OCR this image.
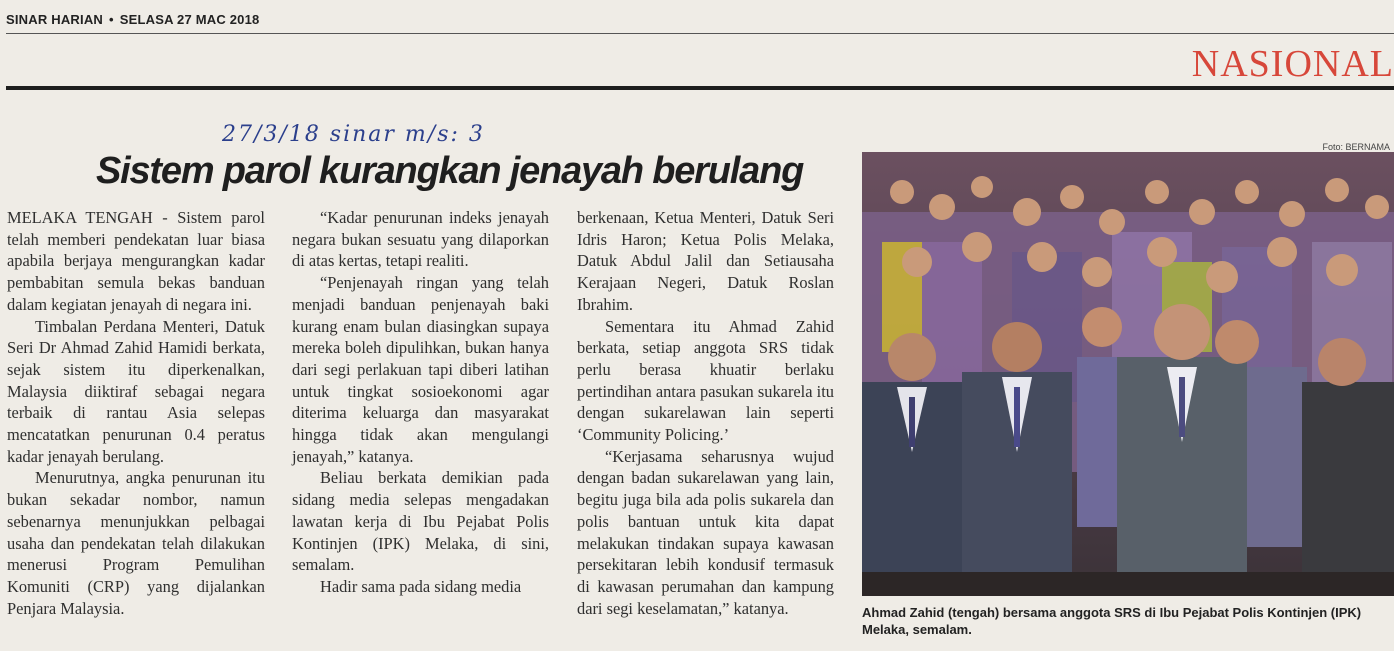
SINAR HARIAN • SELASA 27 MAC 2018
NASIONAL
27/3/18 sinar m/s: 3
Sistem parol kurangkan jenayah berulang

MELAKA TENGAH - Sistem parol telah memberi pendekatan luar biasa apabila berjaya mengurangkan kadar pembabitan semula bekas banduan dalam kegiatan jenayah di negara ini.

Timbalan Perdana Menteri, Datuk Seri Dr Ahmad Zahid Hamidi berkata, sejak sistem itu diperkenalkan, Malaysia diiktiraf sebagai negara terbaik di rantau Asia selepas mencatatkan penurunan 0.4 peratus kadar jenayah berulang.

Menurutnya, angka penurunan itu bukan sekadar nombor, namun sebenarnya menunjukkan pelbagai usaha dan pendekatan telah dilakukan menerusi Program Pemulihan Komuniti (CRP) yang dijalankan Penjara Malaysia.

“Kadar penurunan indeks jenayah negara bukan sesuatu yang dilaporkan di atas kertas, tetapi realiti.

“Penjenayah ringan yang telah menjadi banduan penjenayah baki kurang enam bulan diasingkan supaya mereka boleh dipulihkan, bukan hanya dari segi perlakuan tapi diberi latihan untuk tingkat sosioekonomi agar diterima keluarga dan masyarakat hingga tidak akan mengulangi jenayah,” katanya.

Beliau berkata demikian pada sidang media selepas mengadakan lawatan kerja di Ibu Pejabat Polis Kontinjen (IPK) Melaka, di sini, semalam.

Hadir sama pada sidang media

berkenaan, Ketua Menteri, Datuk Seri Idris Haron; Ketua Polis Melaka, Datuk Abdul Jalil dan Setiausaha Kerajaan Negeri, Datuk Roslan Ibrahim.

Sementara itu Ahmad Zahid berkata, setiap anggota SRS tidak perlu berasa khuatir berlaku pertindihan antara pasukan sukarela itu dengan sukarelawan lain seperti ‘Community Policing.’

“Kerjasama seharusnya wujud dengan badan sukarelawan yang lain, begitu juga bila ada polis sukarela dan polis bantuan untuk kita dapat melakukan tindakan supaya kawasan persekitaran lebih kondusif termasuk di kawasan perumahan dan kampung dari segi keselamatan,” katanya.

Foto: BERNAMA
Ahmad Zahid (tengah) bersama anggota SRS di Ibu Pejabat Polis Kontinjen (IPK) Melaka, semalam.
